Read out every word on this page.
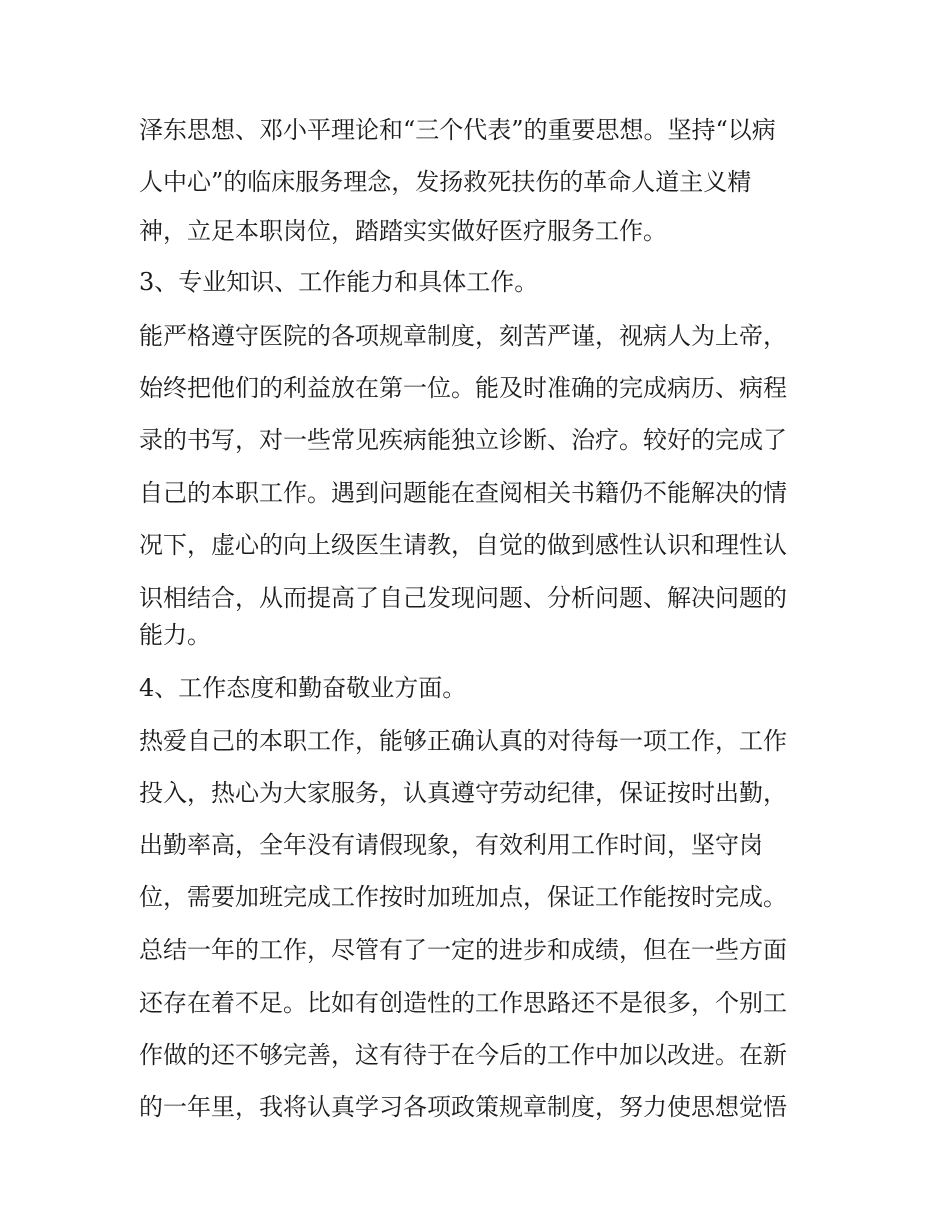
泽东思想、邓小平理论和“三个代表”的重要思想。坚持“以病
人中心”的临床服务理念，发扬救死扶伤的革命人道主义精
神，立足本职岗位，踏踏实实做好医疗服务工作。
3、专业知识、工作能力和具体工作。
能严格遵守医院的各项规章制度，刻苦严谨，视病人为上帝，
始终把他们的利益放在第一位。能及时准确的完成病历、病程
录的书写，对一些常见疾病能独立诊断、治疗。较好的完成了
自己的本职工作。遇到问题能在查阅相关书籍仍不能解决的情
况下，虚心的向上级医生请教，自觉的做到感性认识和理性认
识相结合，从而提高了自己发现问题、分析问题、解决问题的
能力。
4、工作态度和勤奋敬业方面。
热爱自己的本职工作，能够正确认真的对待每一项工作，工作
投入，热心为大家服务，认真遵守劳动纪律，保证按时出勤，
出勤率高，全年没有请假现象，有效利用工作时间，坚守岗
位，需要加班完成工作按时加班加点，保证工作能按时完成。
总结一年的工作，尽管有了一定的进步和成绩，但在一些方面
还存在着不足。比如有创造性的工作思路还不是很多，个别工
作做的还不够完善，这有待于在今后的工作中加以改进。在新
的一年里，我将认真学习各项政策规章制度，努力使思想觉悟
